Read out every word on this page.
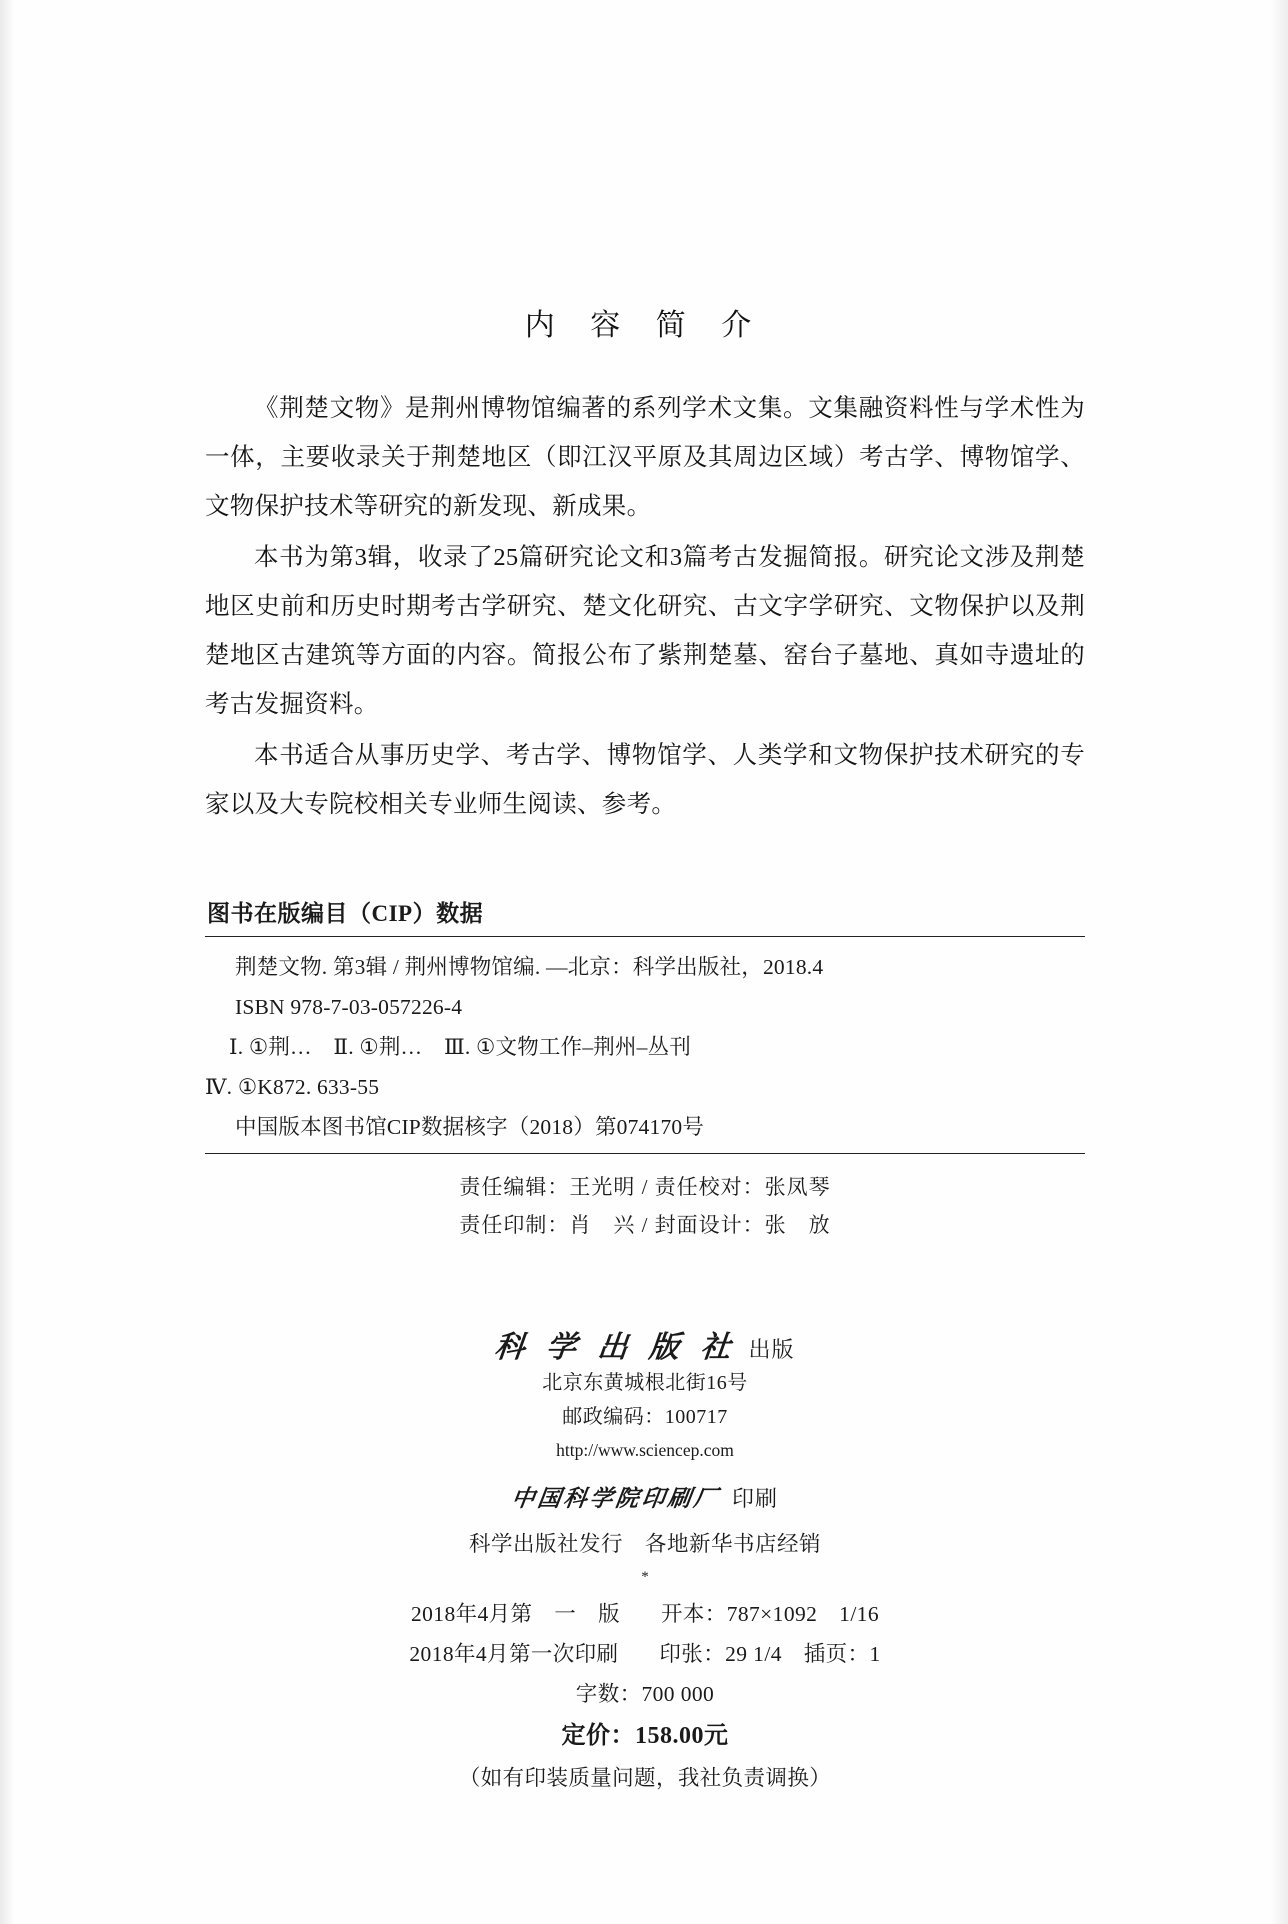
内 容 简 介

《荆楚文物》是荆州博物馆编著的系列学术文集。文集融资料性与学术性为一体，主要收录关于荆楚地区（即江汉平原及其周边区域）考古学、博物馆学、文物保护技术等研究的新发现、新成果。

本书为第3辑，收录了25篇研究论文和3篇考古发掘简报。研究论文涉及荆楚地区史前和历史时期考古学研究、楚文化研究、古文字学研究、文物保护以及荆楚地区古建筑等方面的内容。简报公布了紫荆楚墓、窑台子墓地、真如寺遗址的考古发掘资料。

本书适合从事历史学、考古学、博物馆学、人类学和文物保护技术研究的专家以及大专院校相关专业师生阅读、参考。

图书在版编目（CIP）数据
荆楚文物. 第3辑 / 荆州博物馆编. —北京：科学出版社，2018.4
ISBN 978-7-03-057226-4
Ⅰ. ①荆…　Ⅱ. ①荆…　Ⅲ. ①文物工作–荆州–丛刊
Ⅳ. ①K872. 633-55
中国版本图书馆CIP数据核字（2018）第074170号
责任编辑：王光明 / 责任校对：张凤琴
责任印制：肖　兴 / 封面设计：张　放
科 学 出 版 社 出版
北京东黄城根北街16号
邮政编码：100717
http://www.sciencep.com
中国科学院印刷厂 印刷
科学出版社发行　各地新华书店经销
*
2018年4月第　一　版 开本：787×1092　1/16
2018年4月第一次印刷 印张：29 1/4　插页：1
字数：700 000
定价：158.00元
（如有印装质量问题，我社负责调换）
